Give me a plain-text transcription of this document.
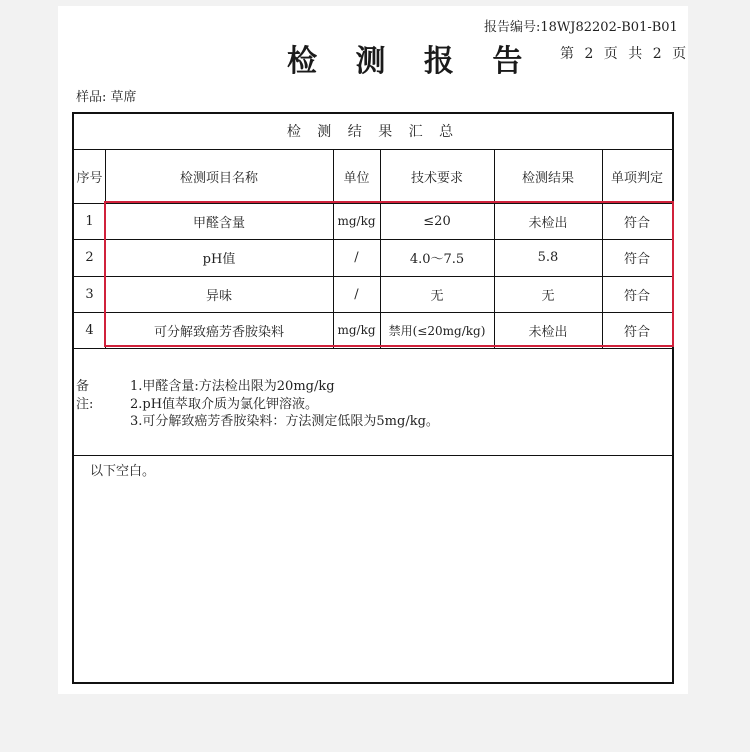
检 测 报 告
报告编号:18WJ82202-B01-B01
第 2 页 共 2 页
样品: 草席
检 测 结 果 汇 总
序号	检测项目名称	单位	技术要求	检测结果	单项判定
1	甲醛含量	mg/kg	≤20	未检出	符合
2	pH值	/	4.0～7.5	5.8	符合
3	异味	/	无	无	符合
4	可分解致癌芳香胺染料	mg/kg	禁用(≤20mg/kg)	未检出	符合
备注:
1.甲醛含量:方法检出限为20mg/kg
2.pH值萃取介质为氯化钾溶液。
3.可分解致癌芳香胺染料：方法测定低限为5mg/kg。
以下空白。
